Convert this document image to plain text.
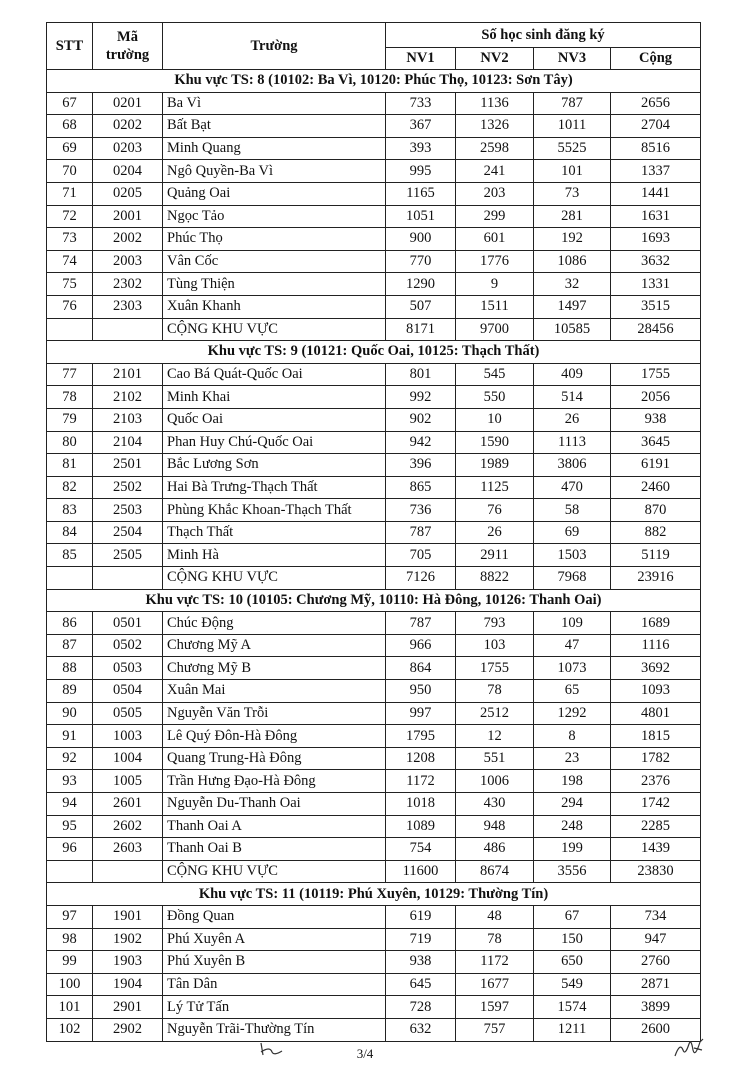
STT	Mã trường	Trường	Số học sinh đăng ký			
			NV1	NV2	NV3	Cộng
Khu vực TS: 8 (10102: Ba Vì, 10120: Phúc Thọ, 10123: Sơn Tây)						
67	0201	Ba Vì	733	1136	787	2656
68	0202	Bất Bạt	367	1326	1011	2704
69	0203	Minh Quang	393	2598	5525	8516
70	0204	Ngô Quyền-Ba Vì	995	241	101	1337
71	0205	Quảng Oai	1165	203	73	1441
72	2001	Ngọc Tảo	1051	299	281	1631
73	2002	Phúc Thọ	900	601	192	1693
74	2003	Vân Cốc	770	1776	1086	3632
75	2302	Tùng Thiện	1290	9	32	1331
76	2303	Xuân Khanh	507	1511	1497	3515
		CỘNG KHU VỰC	8171	9700	10585	28456
Khu vực TS: 9 (10121: Quốc Oai, 10125: Thạch Thất)						
77	2101	Cao Bá Quát-Quốc Oai	801	545	409	1755
78	2102	Minh Khai	992	550	514	2056
79	2103	Quốc Oai	902	10	26	938
80	2104	Phan Huy Chú-Quốc Oai	942	1590	1113	3645
81	2501	Bắc Lương Sơn	396	1989	3806	6191
82	2502	Hai Bà Trưng-Thạch Thất	865	1125	470	2460
83	2503	Phùng Khắc Khoan-Thạch Thất	736	76	58	870
84	2504	Thạch Thất	787	26	69	882
85	2505	Minh Hà	705	2911	1503	5119
		CỘNG KHU VỰC	7126	8822	7968	23916
Khu vực TS: 10 (10105: Chương Mỹ, 10110: Hà Đông, 10126: Thanh Oai)						
86	0501	Chúc Động	787	793	109	1689
87	0502	Chương Mỹ A	966	103	47	1116
88	0503	Chương Mỹ B	864	1755	1073	3692
89	0504	Xuân Mai	950	78	65	1093
90	0505	Nguyễn Văn Trỗi	997	2512	1292	4801
91	1003	Lê Quý Đôn-Hà Đông	1795	12	8	1815
92	1004	Quang Trung-Hà Đông	1208	551	23	1782
93	1005	Trần Hưng Đạo-Hà Đông	1172	1006	198	2376
94	2601	Nguyễn Du-Thanh Oai	1018	430	294	1742
95	2602	Thanh Oai A	1089	948	248	2285
96	2603	Thanh Oai B	754	486	199	1439
		CỘNG KHU VỰC	11600	8674	3556	23830
Khu vực TS: 11 (10119: Phú Xuyên, 10129: Thường Tín)						
97	1901	Đồng Quan	619	48	67	734
98	1902	Phú Xuyên A	719	78	150	947
99	1903	Phú Xuyên B	938	1172	650	2760
100	1904	Tân Dân	645	1677	549	2871
101	2901	Lý Tử Tấn	728	1597	1574	3899
102	2902	Nguyễn Trãi-Thường Tín	632	757	1211	2600
3/4
